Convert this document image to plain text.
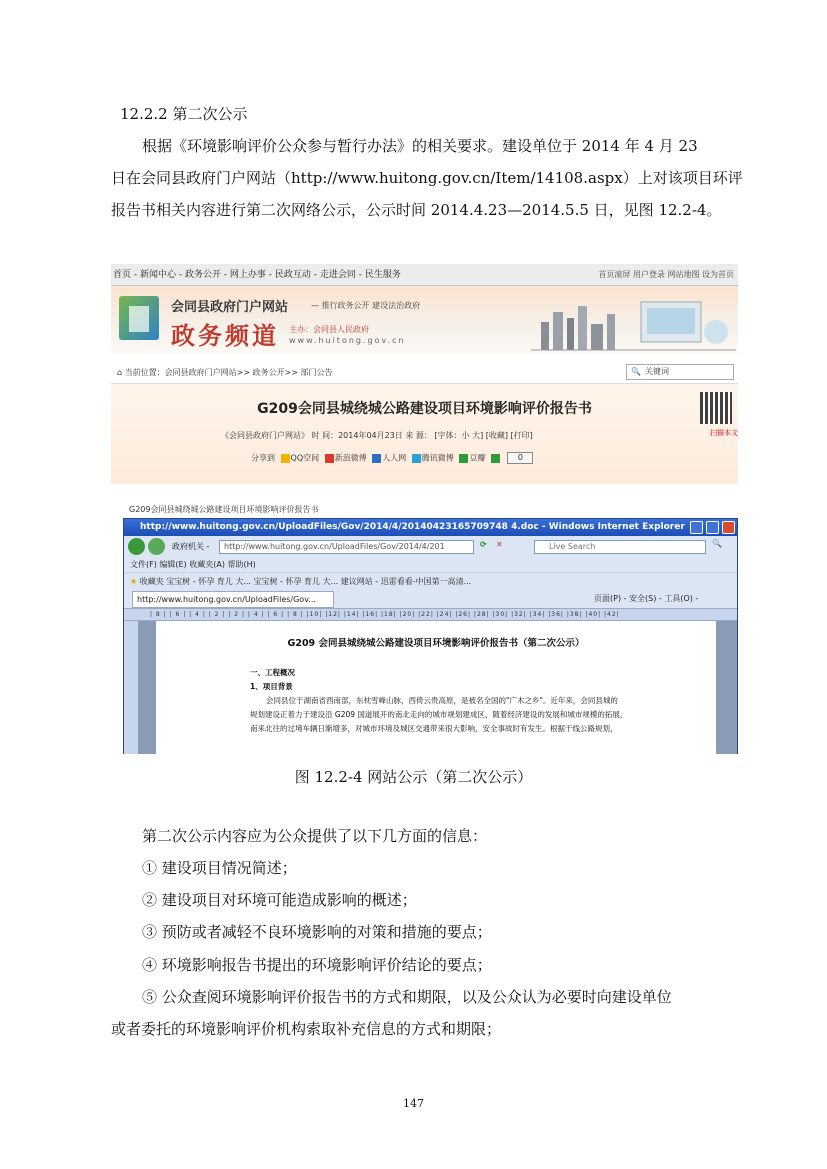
12.2.2 第二次公示
根据《环境影响评价公众参与暂行办法》的相关要求。建设单位于 2014 年 4 月 23
日在会同县政府门户网站（http://www.huitong.gov.cn/Item/14108.aspx）上对该项目环评
报告书相关内容进行第二次网络公示，公示时间 2014.4.23—2014.5.5 日，见图 12.2-4。
首页 - 新闻中心 - 政务公开 - 网上办事 - 民政互动 - 走进会同 - 民生服务	首页滚屏 用户登录 网站地图 设为首页
会同县政府门户网站	— 推行政务公开 建设法治政府
政务频道 主办：会同县人民政府
www.huitong.gov.cn
⌂ 当前位置：会同县政府门户网站>> 政务公开>> 部门公告	🔍 关键词
G209会同县城绕城公路建设项目环境影响评价报告书
《会同县政府门户网站》 时 间：2014年04月23日 来 源： [字体：小 大] [收藏] [打印]
分享到 QQ空间 新浪微博 人人网 腾讯微博 豆瓣	0
扫描本文
G209会同县城绕城公路建设项目环境影响评价报告书
http://www.huitong.gov.cn/UploadFiles/Gov/2014/4/20140423165709748 4.doc - Windows Internet Explorer
政府机关 -	http://www.huitong.gov.cn/UploadFiles/Gov/2014/4/201	⟳ ✕	Live Search	🔍
文件(F) 编辑(E) 收藏夹(A) 帮助(H)
★ 收藏夹 宝宝树 - 怀孕 育儿 大... 宝宝树 - 怀孕 育儿 大... 建议网站 - 迅雷看看-中国第一高清...
http://www.huitong.gov.cn/UploadFiles/Gov...	页面(P) - 安全(S) - 工具(O) -
| 8 | | 6 | | 4 | | 2 | | 2 | | 4 | | 6 | | 8 | |10| |12| |14| |16| |18| |20| |22| |24| |26| |28| |30| |32| |34| |36| |38| |40| |42|
G209 会同县城绕城公路建设项目环境影响评价报告书（第二次公示）
一、工程概况
1、项目背景
会同县位于湖南省西南部，东枕雪峰山脉，西倚云贵高原，是被名全国的"广木之乡"。近年来，会同县城的
规划建设正着力于建设沿 G209 国道展开的南北走向的城市规划建成区，随着经济建设的发展和城市规模的拓展，
南来北往的过境车辆日渐增多，对城市环境及城区交通带来很大影响，安全事故时有发生。根据干线公路规划，
图 12.2-4 网站公示（第二次公示）
第二次公示内容应为公众提供了以下几方面的信息：
① 建设项目情况简述；
② 建设项目对环境可能造成影响的概述；
③ 预防或者减轻不良环境影响的对策和措施的要点；
④ 环境影响报告书提出的环境影响评价结论的要点；
⑤ 公众查阅环境影响评价报告书的方式和期限，以及公众认为必要时向建设单位
或者委托的环境影响评价机构索取补充信息的方式和期限；
147
